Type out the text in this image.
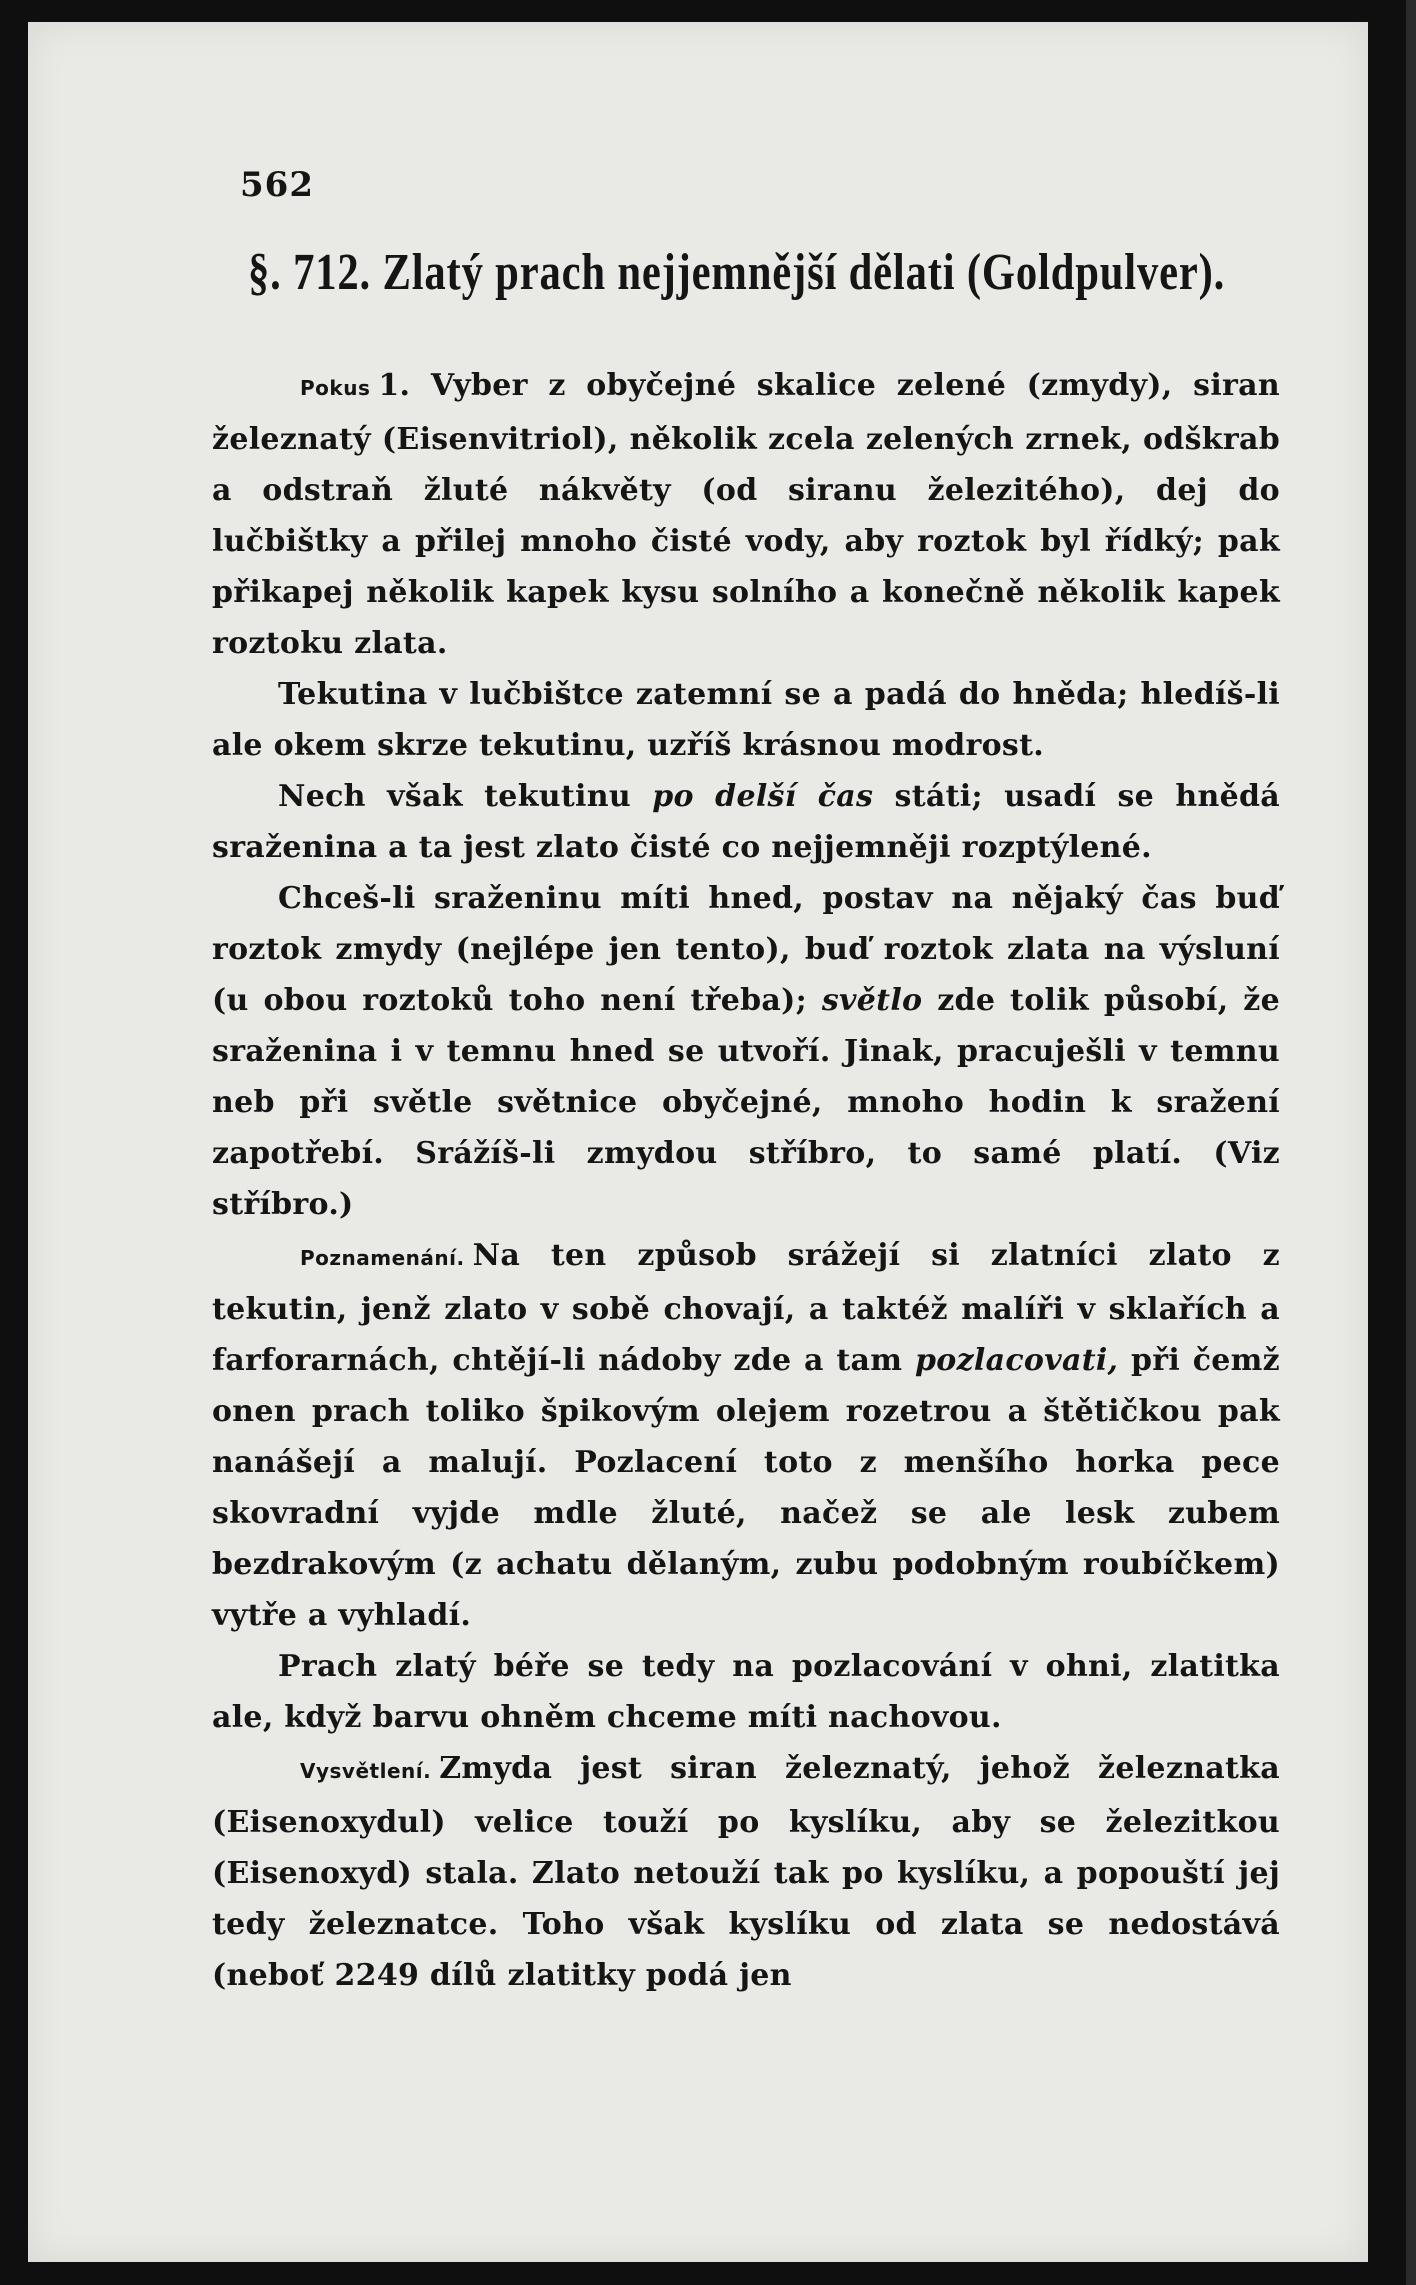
562
§. 712. Zlatý prach nejjemnější dělati (Goldpulver).

Pokus 1. Vyber z obyčejné skalice zelené (zmydy), siran železnatý (Eisenvitriol), několik zcela zelených zrnek, odškrab a odstraň žluté nákvěty (od siranu železitého), dej do lučbištky a přilej mnoho čisté vody, aby roztok byl řídký; pak přikapej několik kapek kysu solního a konečně několik kapek roztoku zlata.

Tekutina v lučbištce zatemní se a padá do hněda; hledíš-li ale okem skrze tekutinu, uzříš krásnou modrost.

Nech však tekutinu po delší čas státi; usadí se hnědá sraženina a ta jest zlato čisté co nejjemněji rozptýlené.

Chceš-li sraženinu míti hned, postav na nějaký čas buď roztok zmydy (nejlépe jen tento), buď roztok zlata na výsluní (u obou roztoků toho není třeba); světlo zde tolik působí, že sraženina i v temnu hned se utvoří. Jinak, pracuješli v temnu neb při světle světnice obyčejné, mnoho hodin k sražení zapotřebí. Srážíš-li zmydou stříbro, to samé platí. (Viz stříbro.)

Poznamenání. Na ten způsob srážejí si zlatníci zlato z tekutin, jenž zlato v sobě chovají, a taktéž malíři v sklařích a farforarnách, chtějí-li nádoby zde a tam pozlacovati, při čemž onen prach toliko špikovým olejem rozetrou a štětičkou pak nanášejí a malují. Pozlacení toto z menšího horka pece skovradní vyjde mdle žluté, načež se ale lesk zubem bezdrakovým (z achatu dělaným, zubu podobným roubíčkem) vytře a vyhladí.

Prach zlatý béře se tedy na pozlacování v ohni, zlatitka ale, když barvu ohněm chceme míti nachovou.

Vysvětlení. Zmyda jest siran železnatý, jehož železnatka (Eisenoxydul) velice touží po kyslíku, aby se železitkou (Eisenoxyd) stala. Zlato netouží tak po kyslíku, a popouští jej tedy železnatce. Toho však kyslíku od zlata se nedostává (neboť 2249 dílů zlatitky podá jen
